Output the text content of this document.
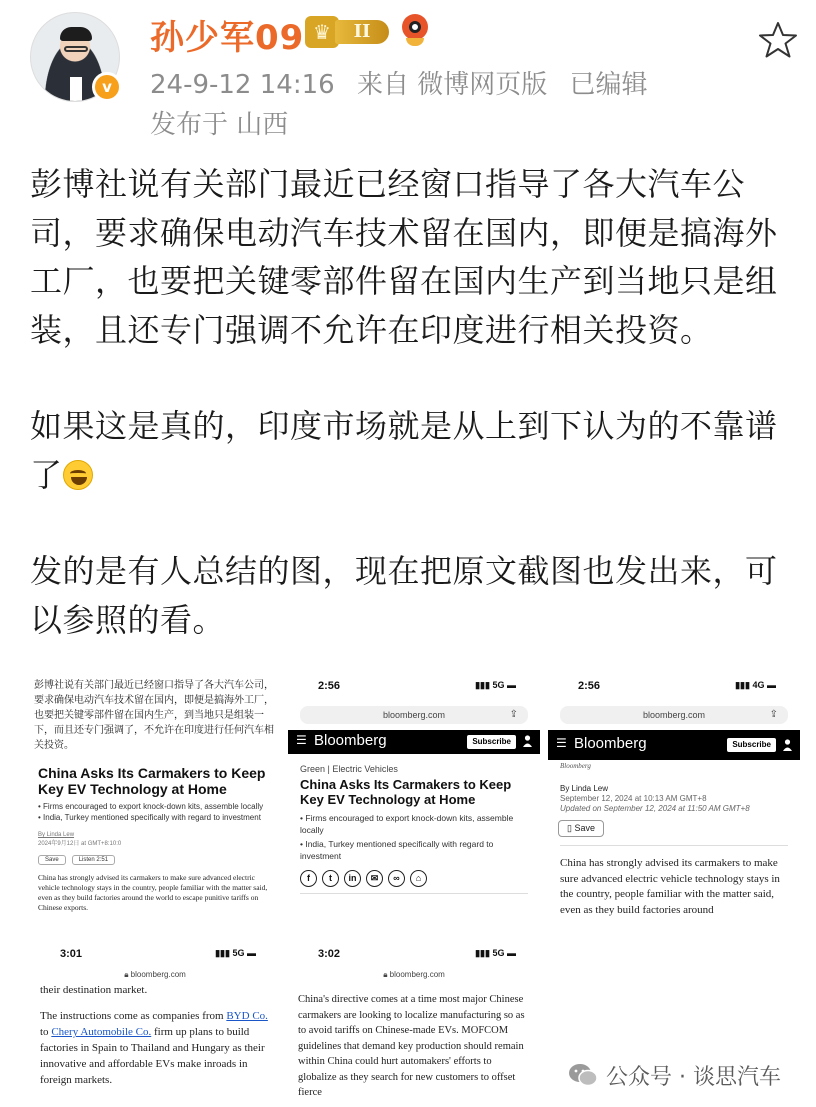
v
孙少军09 ♛	II
24-9-12 14:16 来自 微博网页版 已编辑
发布于 山西

彭博社说有关部门最近已经窗口指导了各大汽车公司，要求确保电动汽车技术留在国内，即便是搞海外工厂，也要把关键零部件留在国内生产到当地只是组装，且还专门强调不允许在印度进行相关投资。

如果这是真的，印度市场就是从上到下认为的不靠谱了

发的是有人总结的图，现在把原文截图也发出来，可以参照的看。

彭博社说有关部门最近已经窗口指导了各大汽车公司，要求确保电动汽车技术留在国内，即便是搞海外工厂，也要把关键零部件留在国内生产，到当地只是组装一下，而且还专门强调了，不允许在印度进行任何汽车相关投资。
China Asks Its Carmakers to Keep Key EV Technology at Home
• Firms encouraged to export knock-down kits, assemble locally
• India, Turkey mentioned specifically with regard to investment
By Linda Lew
2024年9月12日 at GMT+8:10:0
Save	Listen 2:51
China has strongly advised its carmakers to make sure advanced electric vehicle technology stays in the country, people familiar with the matter said, even as they build factories around the world to escape punitive tariffs on Chinese exports.
2:56	▮▮▮ 5G ▬
bloomberg.com	⇪
☰ Bloomberg	Subscribe
Green | Electric Vehicles
China Asks Its Carmakers to Keep Key EV Technology at Home
• Firms encouraged to export knock-down kits, assemble locally
• India, Turkey mentioned specifically with regard to investment
f	t	in	✉	∞	⌂
2:56	▮▮▮ 4G ▬
bloomberg.com	⇪
☰ Bloomberg	Subscribe
Bloomberg
By Linda Lew
September 12, 2024 at 10:13 AM GMT+8
Updated on September 12, 2024 at 11:50 AM GMT+8
▯ Save
China has strongly advised its carmakers to make sure advanced electric vehicle technology stays in the country, people familiar with the matter said, even as they build factories around
3:01	▮▮▮ 5G ▬
🔒︎ bloomberg.com
their destination market.
The instructions come as companies from BYD Co. to Chery Automobile Co. firm up plans to build factories in Spain to Thailand and Hungary as their innovative and affordable EVs make inroads in foreign markets.
3:02	▮▮▮ 5G ▬
🔒︎ bloomberg.com
China's directive comes at a time most major Chinese carmakers are looking to localize manufacturing so as to avoid tariffs on Chinese-made EVs. MOFCOM guidelines that demand key production should remain within China could hurt automakers' efforts to globalize as they search for new customers to offset fierce
公众号 · 谈思汽车
